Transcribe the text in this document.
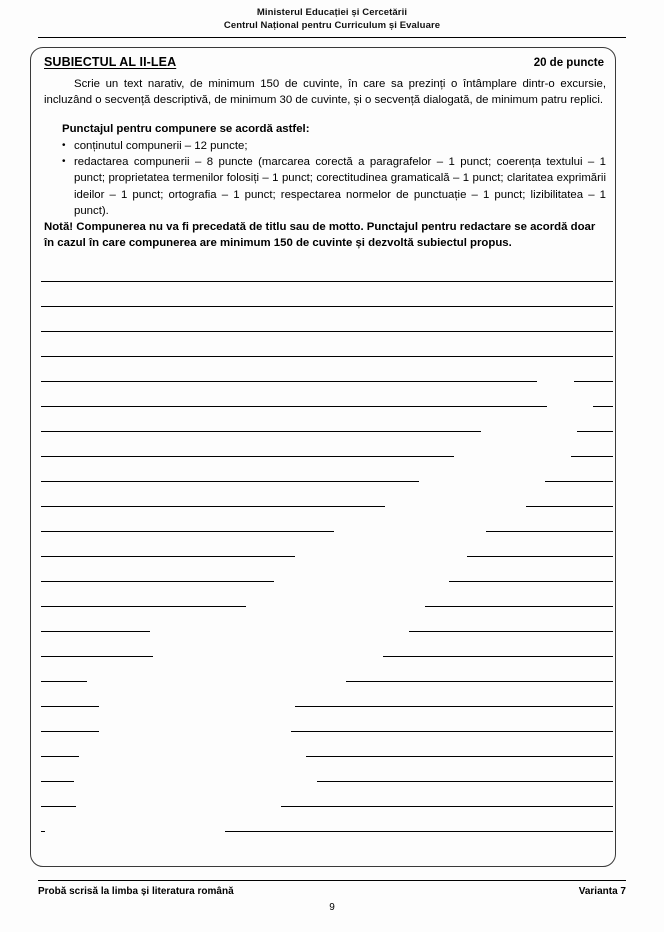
Ministerul Educației și Cercetării
Centrul Național pentru Curriculum și Evaluare
SUBIECTUL AL II-LEA	20 de puncte

Scrie un text narativ, de minimum 150 de cuvinte, în care sa prezinți o întâmplare dintr-o excursie, incluzând o secvență descriptivă, de minimum 30 de cuvinte, și o secvență dialogată, de minimum patru replici.

Punctajul pentru compunere se acordă astfel:

• conținutul compunerii – 12 puncte;
• redactarea compunerii – 8 puncte (marcarea corectă a paragrafelor – 1 punct; coerența textului – 1 punct; proprietatea termenilor folosiți – 1 punct; corectitudinea gramaticală – 1 punct; claritatea exprimării ideilor – 1 punct; ortografia – 1 punct; respectarea normelor de punctuație – 1 punct; lizibilitatea – 1 punct).

Notă! Compunerea nu va fi precedată de titlu sau de motto. Punctajul pentru redactare se acordă doar în cazul în care compunerea are minimum 150 de cuvinte și dezvoltă subiectul propus.

Probă scrisă la limba și literatura română	Varianta 7
9
